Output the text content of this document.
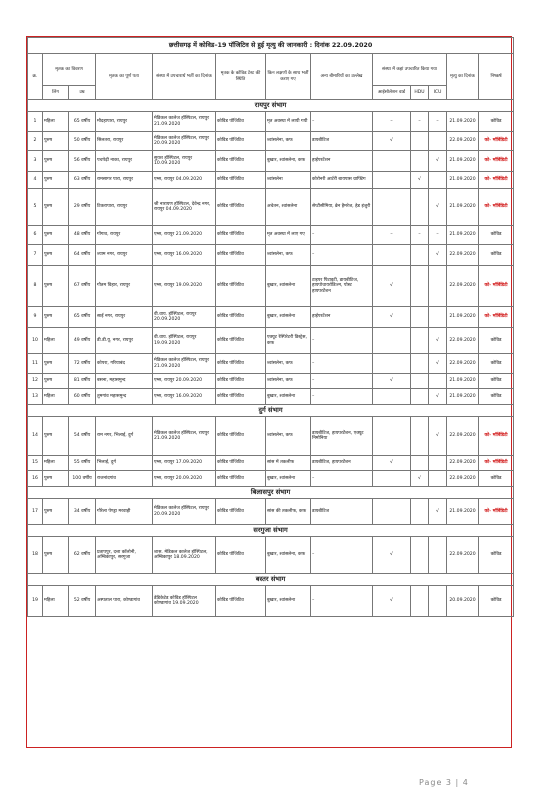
छत्तीसगढ़ में कोविड–19 पॉजिटिव से हुई मृत्यु की जानकारी : दिनांक 22.09.2020												
क्र.	मृतक का विवरण		मृतक का पूर्ण पता	संस्था में उपचारार्थ भर्ती का दिनांक	मृतक के कोविड टेस्ट की स्थिति	किन लक्षणों के साथ भर्ती कराए गए	अन्य बीमारियों का उल्लेख	संस्था में कहां उपचारित किया गया			मृत्यु का दिनांक	निष्कर्ष
	लिंग	उम्र						आईसोलेशन वार्ड	HDU	ICU		
रायपुर संभाग												
1	महिला	65 वर्षीय	मौदहापारा, रायपुर	मेडिकल कालेज हॉस्पिटल, रायपुर 21.09.2020	कोविड पॉजिटिव	मृत अवस्था में लायी गयी	–	–	–	–	21.09.2020	कोविड
2	पुरुष	50 वर्षीय	सिलतरा, रायपुर	मेडिकल कालेज हॉस्पिटल, रायपुर 20.09.2020	कोविड पॉजिटिव	श्वांसलेना, कफ	डायबीटिज	√			22.09.2020	को- मॉर्बिडिटी
3	पुरुष	56 वर्षीय	पचपेढ़ी नाका, रायपुर	सुयश हॉस्पिटल, रायपुर 10.09.2020	कोविड पॉजिटिव	बुखार, श्वांसलेना, कफ	हाईपरटेंशन			√	21.09.2020	को- मॉर्बिडिटी
4	पुरुष	63 वर्षीय	रामसागर पारा, रायपुर	एम्स, रायपुर 04.09.2020	कोविड पॉजिटिव	श्वांसलेना	कोरोनरी आर्टरी बायपास ग्राफ्टिंग		√		21.09.2020	को- मॉर्बिडिटी
5	पुरुष	29 वर्षीय	टिकरापारा, रायपुर	श्री नारायण हॉस्पिटल, देवेन्द्र नगर, रायपुर 04.09.2020	कोविड पॉजिटिव	अचेतन, श्वांसलेना	सेप्टीसीमिया, ब्रेन हैमरेज, हेड इंजुरी			√	21.09.2020	को- मॉर्बिडिटी
6	पुरुष	48 वर्षीय	गोंगाव, रायपुर	एम्स, रायपुर 21.09.2020	कोविड पॉजिटिव	मृत अवस्था में लाए गए	–	–	–	–	21.09.2020	कोविड
7	पुरुष	64 वर्षीय	श्याम नगर, रायपुर	एम्स, रायपुर 16.09.2020	कोविड पॉजिटिव	श्वांसलेना, कफ	–			√	22.09.2020	कोविड
8	पुरुष	67 वर्षीय	गौतम विहार, रायपुर	एम्स, रायपुर 19.09.2020	कोविड पॉजिटिव	बुखार, श्वांसलेना	टाइपर पिटाइटी, डायबीटिज, हायपोथायरोडिज्म, पोस्ट हायपरटेंशन	√			22.09.2020	को- मॉर्बिडिटी
9	पुरुष	65 वर्षीय	साईं नगर, रायपुर	वी.वाय. हॉस्पिटल, रायपुर 20.09.2020	कोविड पॉजिटिव	बुखार, श्वांसलेना	हाईपरटेंशन	√			21.09.2020	को- मॉर्बिडिटी
10	महिला	49 वर्षीय	डी.डी.यू. नगर, रायपुर	वी.वाय. हॉस्पिटल, रायपुर 19.09.2020	कोविड पॉजिटिव	एक्यूट रेस्पिरेटरी डिस्ट्रेस, कफ	–			√	22.09.2020	कोविड
11	पुरुष	72 वर्षीय	कोपरा, गरियाबंद	मेडिकल कालेज हॉस्पिटल, रायपुर 21.09.2020	कोविड पॉजिटिव	श्वांसलेना, कफ	–			√	22.09.2020	कोविड
12	पुरुष	81 वर्षीय	बसना, महासमुन्द	एम्स, रायपुर 20.09.2020	कोविड पॉजिटिव	श्वांसलेना, कफ	–	√			21.09.2020	कोविड
13	महिला	60 वर्षीय	तुमगांव महासमुन्द	एम्स, रायपुर 16.09.2020	कोविड पॉजिटिव	बुखार, श्वांसलेना	–			√	21.09.2020	कोविड
दुर्ग संभाग												
14	पुरुष	54 वर्षीय	राम नगर, भिलाई, दुर्ग	मेडिकल कालेज हॉस्पिटल, रायपुर 21.09.2020	कोविड पॉजिटिव	श्वांसलेना, कफ	डायबीटिज, हायपरटेंशन, एक्यूट निमोनिया			√	22.09.2020	को- मॉर्बिडिटी
15	महिला	55 वर्षीय	भिलाई, दुर्ग	एम्स, रायपुर 17.09.2020	कोविड पॉजिटिव	सांस में तकलीफ	डायबीटिज, हायपरटेंशन	√			22.09.2020	को- मॉर्बिडिटी
16	पुरुष	100 वर्षीय	राजनांदगांव	एम्स, रायपुर 20.09.2020	कोविड पॉजिटिव	बुखार, श्वांसलेना	–		√		22.09.2020	कोविड
बिलासपुर संभाग												
17	पुरुष	34 वर्षीय	गौरेला पेण्ड्रा मरवाही	मेडिकल कालेज हॉस्पिटल, रायपुर 20.09.2020	कोविड पॉजिटिव	सांस की तकलीफ, कफ	डायबीटिज			√	21.09.2020	को- मॉर्बिडिटी
सरगुजा संभाग												
18	पुरुष	62 वर्षीय	प्रतापपुर, दत्ता कॉलोनी, अम्बिकापुर, सरगुजा	शास. मेडिकल कालेज हॉस्पिटल, अम्बिकापुर 18.09.2020	कोविड पॉजिटिव	बुखार, श्वांसलेना, कफ	–	√			22.09.2020	कोविड
बस्तर संभाग												
19	महिला	52 वर्षीय	अस्पताल पारा, कोण्डागांव	डेडिकेटेड कोविड हॉस्पिटल कोण्डागांव 19.09.2020	कोविड पॉजिटिव	बुखार, श्वांसलेना	–	√			20.09.2020	कोविड
Page 3 | 4
